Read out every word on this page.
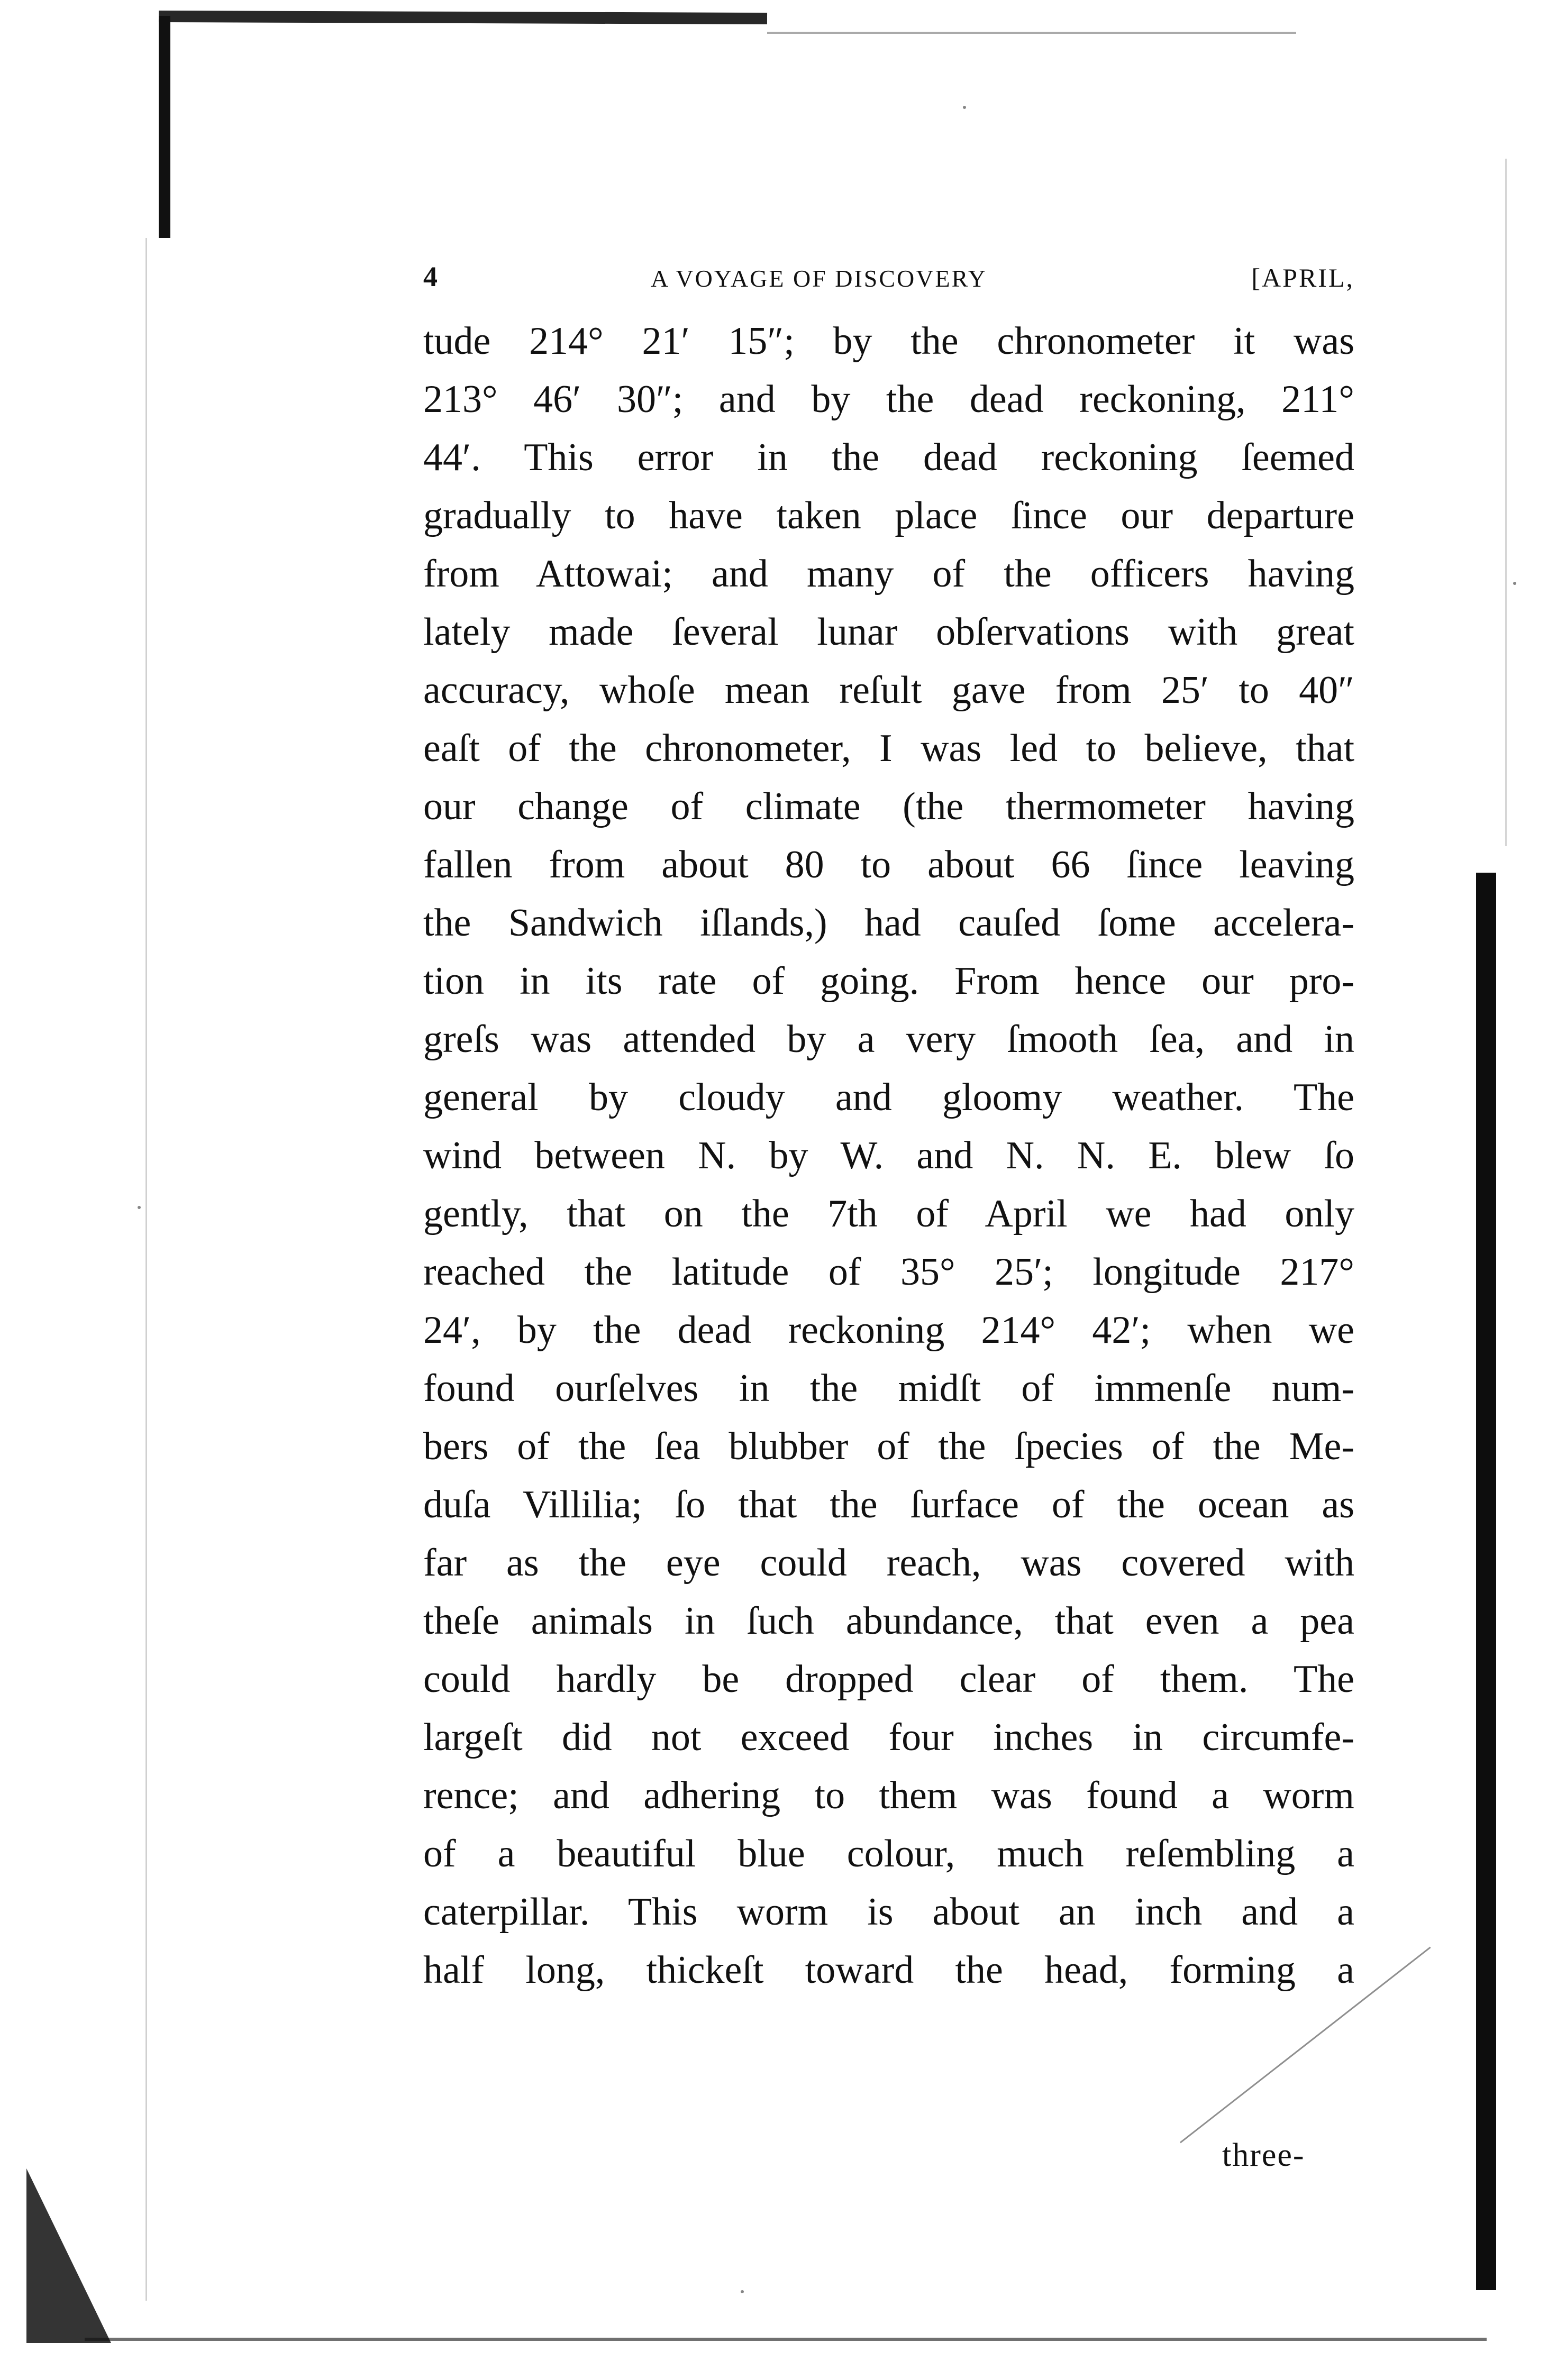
4	A VOYAGE OF DISCOVERY	[APRIL,
tude 214° 21′ 15″; by the chronometer it was
213° 46′ 30″; and by the dead reckoning, 211°
44′. This error in the dead reckoning ſeemed
gradually to have taken place ſince our departure
from Attowai; and many of the officers having
lately made ſeveral lunar obſervations with great
accuracy, whoſe mean reſult gave from 25′ to 40″
eaſt of the chronometer, I was led to believe, that
our change of climate (the thermometer having
fallen from about 80 to about 66 ſince leaving
the Sandwich iſlands,) had cauſed ſome accelera-
tion in its rate of going. From hence our pro-
greſs was attended by a very ſmooth ſea, and in
general by cloudy and gloomy weather. The
wind between N. by W. and N. N. E. blew ſo
gently, that on the 7th of April we had only
reached the latitude of 35° 25′; longitude 217°
24′, by the dead reckoning 214° 42′; when we
found ourſelves in the midſt of immenſe num-
bers of the ſea blubber of the ſpecies of the Me-
duſa Villilia; ſo that the ſurface of the ocean as
far as the eye could reach, was covered with
theſe animals in ſuch abundance, that even a pea
could hardly be dropped clear of them. The
largeſt did not exceed four inches in circumfe-
rence; and adhering to them was found a worm
of a beautiful blue colour, much reſembling a
caterpillar. This worm is about an inch and a
half long, thickeſt toward the head, forming a
three-
